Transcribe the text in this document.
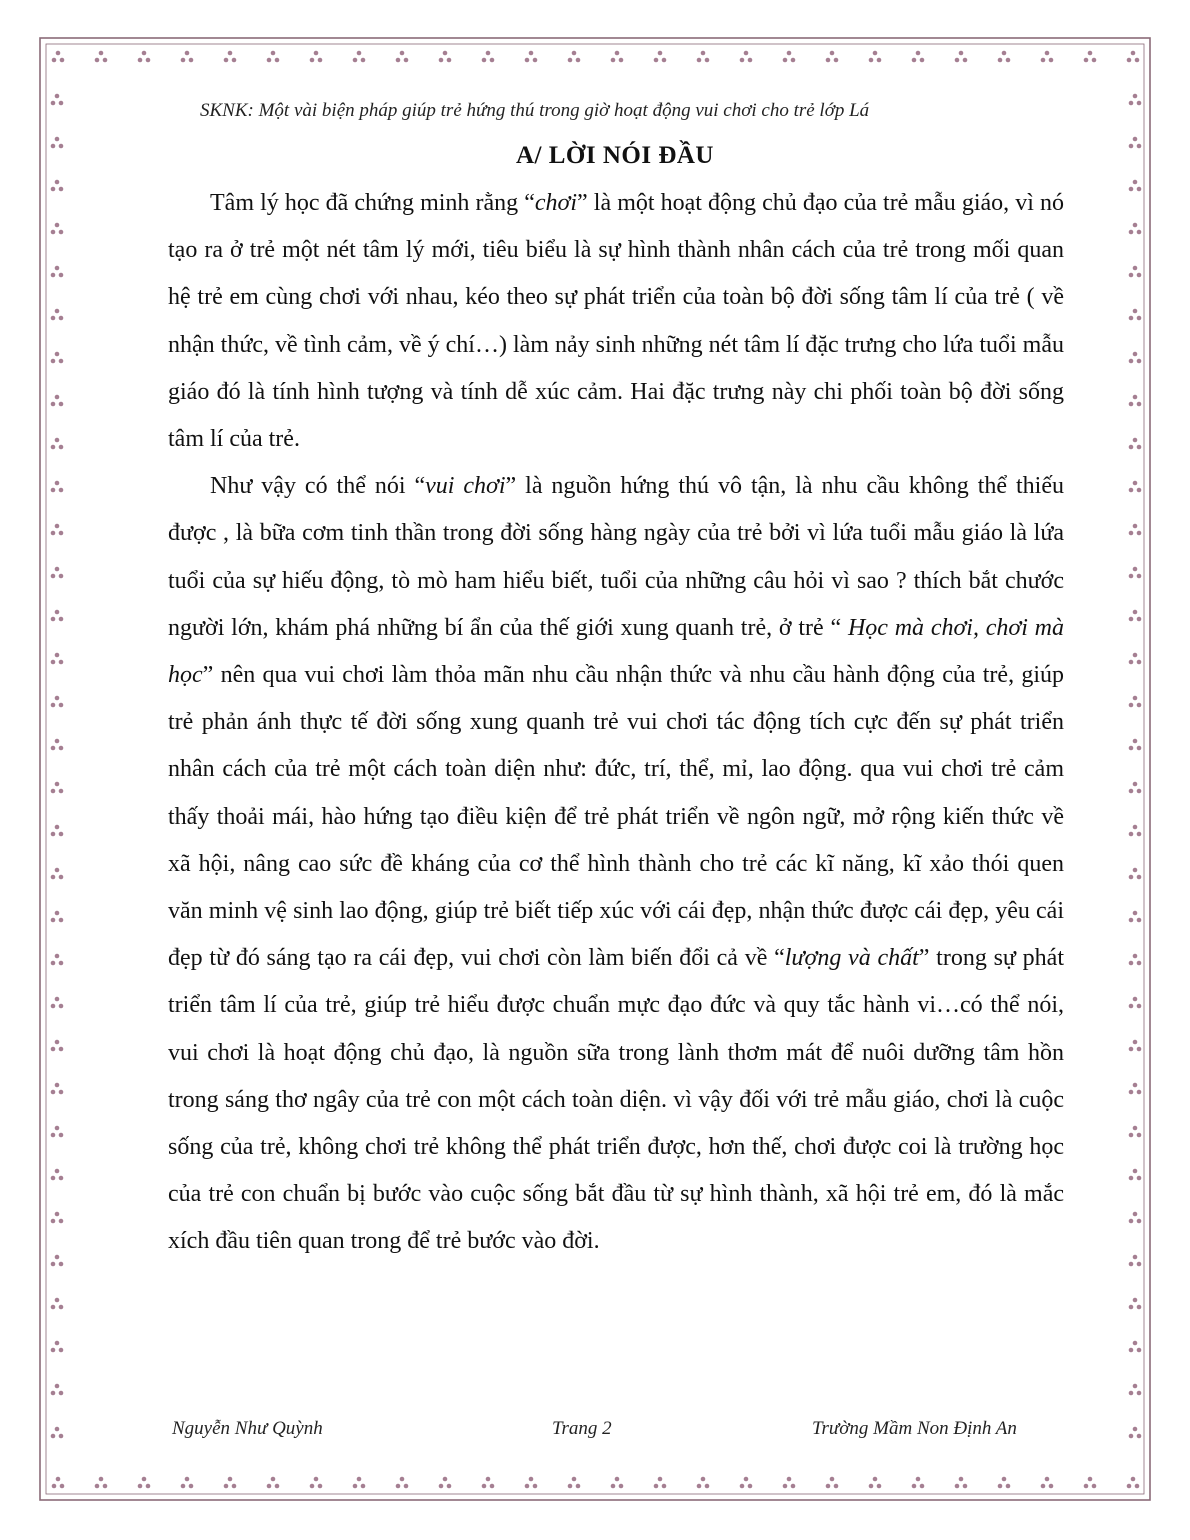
SKNK: Một vài biện pháp giúp trẻ hứng thú trong giờ hoạt động vui chơi cho trẻ lớp Lá
A/ LỜI NÓI ĐẦU

Tâm lý học đã chứng minh rằng “chơi” là một hoạt động chủ đạo của trẻ mẫu giáo, vì nó tạo ra ở trẻ một nét tâm lý mới, tiêu biểu là sự hình thành nhân cách của trẻ trong mối quan hệ trẻ em cùng chơi với nhau, kéo theo sự phát triển của toàn bộ đời sống tâm lí của trẻ ( về nhận thức, về tình cảm, về ý chí…) làm nảy sinh những nét tâm lí đặc trưng cho lứa tuổi mẫu giáo đó là tính hình tượng và tính dễ xúc cảm. Hai đặc trưng này chi phối toàn bộ đời sống tâm lí của trẻ.

Như vậy có thể nói “vui chơi” là nguồn hứng thú vô tận, là nhu cầu không thể thiếu được , là bữa cơm tinh thần trong đời sống hàng ngày của trẻ bởi vì lứa tuổi mẫu giáo là lứa tuổi của sự hiếu động, tò mò ham hiểu biết, tuổi của những câu hỏi vì sao ? thích bắt chước người lớn, khám phá những bí ẩn của thế giới xung quanh trẻ, ở trẻ “ Học mà chơi, chơi mà học” nên qua vui chơi làm thỏa mãn nhu cầu nhận thức và nhu cầu hành động của trẻ, giúp trẻ phản ánh thực tế đời sống xung quanh trẻ vui chơi tác động tích cực đến sự phát triển nhân cách của trẻ một cách toàn diện như: đức, trí, thể, mỉ, lao động. qua vui chơi trẻ cảm thấy thoải mái, hào hứng tạo điều kiện để trẻ phát triển về ngôn ngữ, mở rộng kiến thức về xã hội, nâng cao sức đề kháng của cơ thể hình thành cho trẻ các kĩ năng, kĩ xảo thói quen văn minh vệ sinh lao động, giúp trẻ biết tiếp xúc với cái đẹp, nhận thức được cái đẹp, yêu cái đẹp từ đó sáng tạo ra cái đẹp, vui chơi còn làm biến đổi cả về “lượng và chất” trong sự phát triển tâm lí của trẻ, giúp trẻ hiểu được chuẩn mực đạo đức và quy tắc hành vi…có thể nói, vui chơi là hoạt động chủ đạo, là nguồn sữa trong lành thơm mát để nuôi dưỡng tâm hồn trong sáng thơ ngây của trẻ con một cách toàn diện. vì vậy đối với trẻ mẫu giáo, chơi là cuộc sống của trẻ, không chơi trẻ không thể phát triển được, hơn thế, chơi được coi là trường học của trẻ con chuẩn bị bước vào cuộc sống bắt đầu từ sự hình thành, xã hội trẻ em, đó là mắc xích đầu tiên quan trong để trẻ bước vào đời.

Nguyễn Như Quỳnh	Trang 2	Trường Mầm Non Định An
